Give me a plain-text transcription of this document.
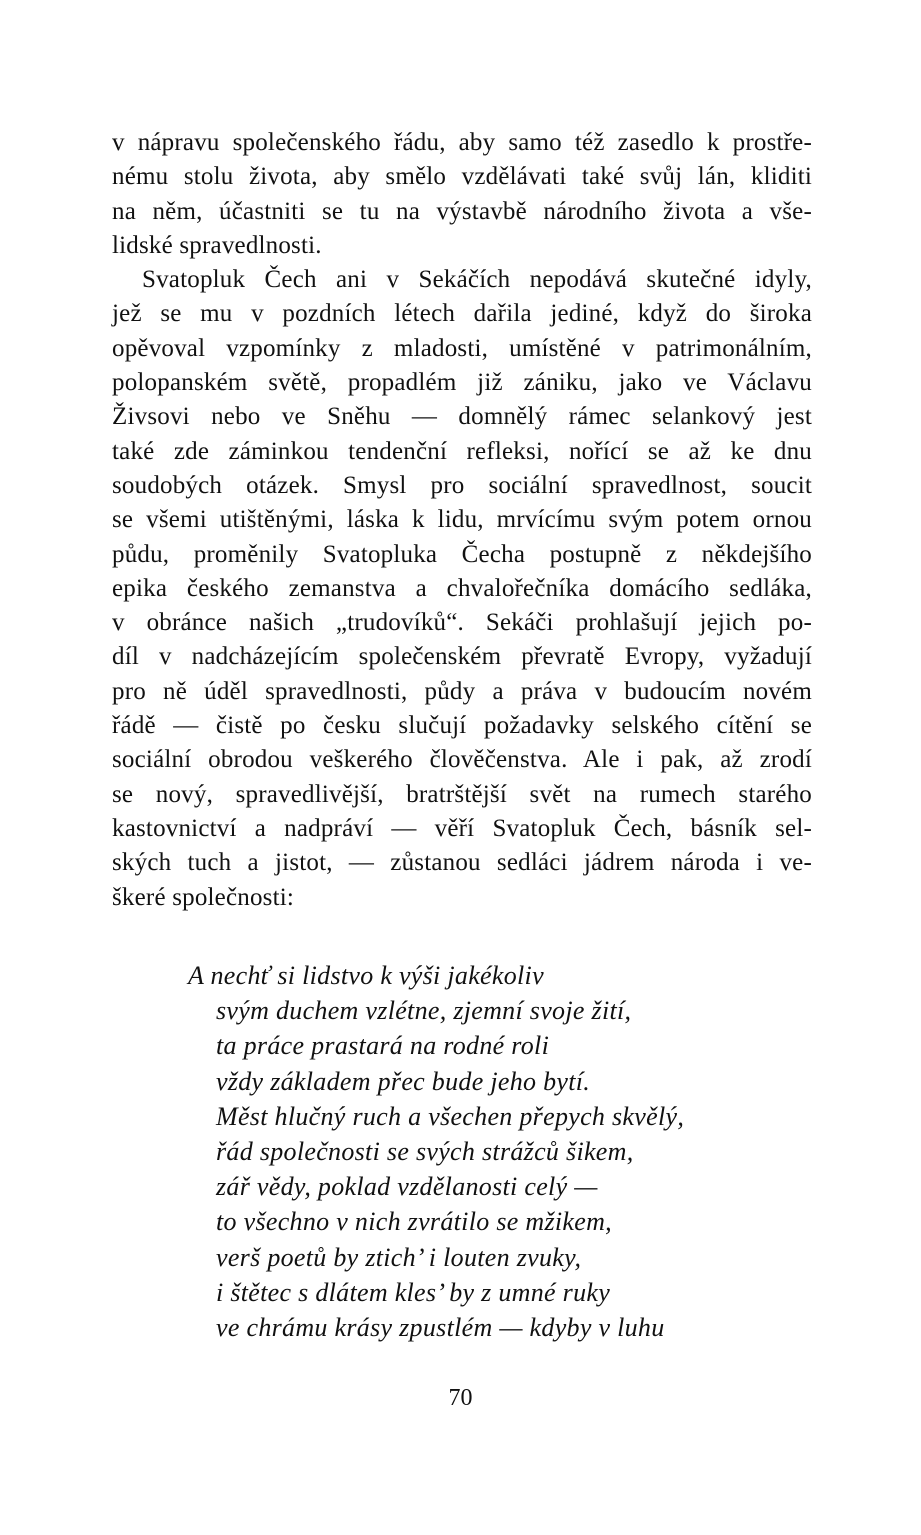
v nápravu společenského řádu, aby samo též zasedlo k prostře-
nému stolu života, aby smělo vzdělávati také svůj lán, kliditi
na něm, účastniti se tu na výstavbě národního života a vše-
lidské spravedlnosti.
Svatopluk Čech ani v Sekáčích nepodává skutečné idyly,
jež se mu v pozdních létech dařila jediné, když do široka
opěvoval vzpomínky z mladosti, umístěné v patrimonálním,
polopanském světě, propadlém již zániku, jako ve Václavu
Živsovi nebo ve Sněhu — domnělý rámec selankový jest
také zde záminkou tendenční refleksi, nořící se až ke dnu
soudobých otázek. Smysl pro sociální spravedlnost, soucit
se všemi utištěnými, láska k lidu, mrvícímu svým potem ornou
půdu, proměnily Svatopluka Čecha postupně z někdejšího
epika českého zemanstva a chvalořečníka domácího sedláka,
v obránce našich „trudovíků“. Sekáči prohlašují jejich po-
díl v nadcházejícím společenském převratě Evropy, vyžadují
pro ně úděl spravedlnosti, půdy a práva v budoucím novém
řádě — čistě po česku slučují požadavky selského cítění se
sociální obrodou veškerého člověčenstva. Ale i pak, až zrodí
se nový, spravedlivější, bratrštější svět na rumech starého
kastovnictví a nadpráví — věří Svatopluk Čech, básník sel-
ských tuch a jistot, — zůstanou sedláci jádrem národa i ve-
škeré společnosti:
A nechť si lidstvo k výši jakékoliv
svým duchem vzlétne, zjemní svoje žití,
ta práce prastará na rodné roli
vždy základem přec bude jeho bytí.
Měst hlučný ruch a všechen přepych skvělý,
řád společnosti se svých strážců šikem,
zář vědy, poklad vzdělanosti celý —
to všechno v nich zvrátilo se mžikem,
verš poetů by ztich’ i louten zvuky,
i štětec s dlátem kles’ by z umné ruky
ve chrámu krásy zpustlém — kdyby v luhu
70
